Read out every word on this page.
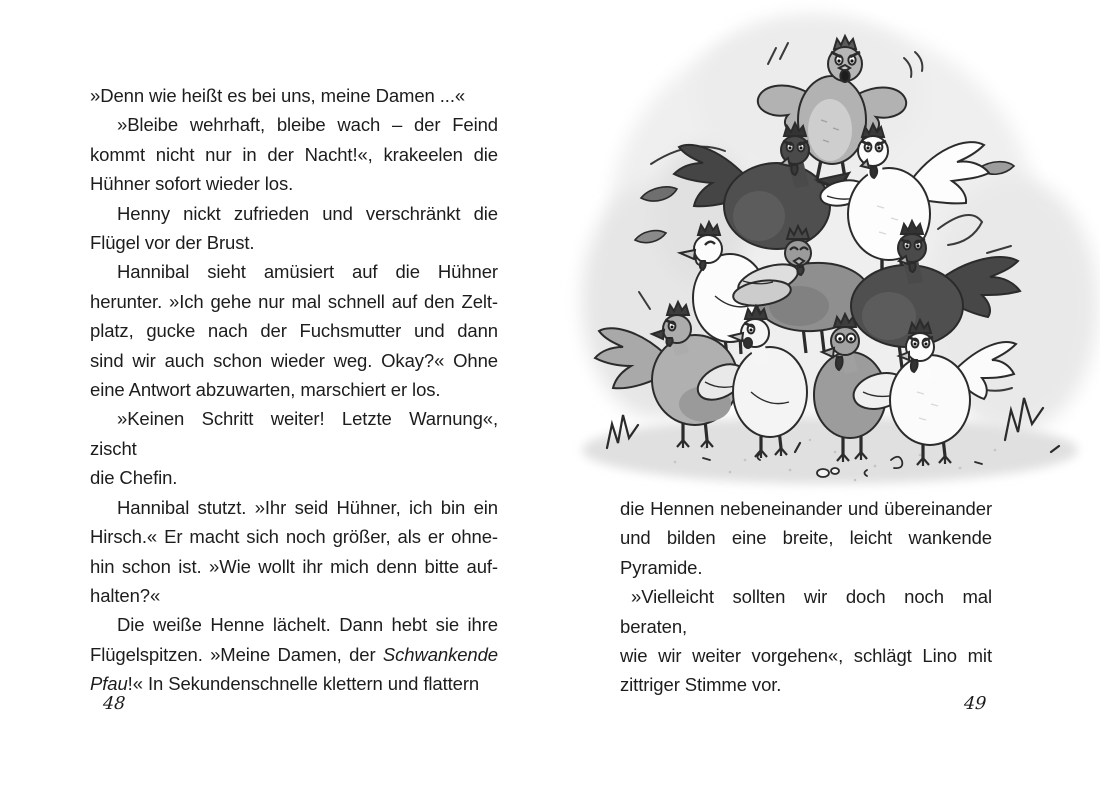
»Denn wie heißt es bei uns, meine Damen ...«
»Bleibe wehrhaft, bleibe wach – der Feind
kommt nicht nur in der Nacht!«, krakeelen die
Hühner sofort wieder los.
Henny nickt zufrieden und verschränkt die
Flügel vor der Brust.
Hannibal sieht amüsiert auf die Hühner
herunter. »Ich gehe nur mal schnell auf den Zelt-
platz, gucke nach der Fuchsmutter und dann
sind wir auch schon wieder weg. Okay?« Ohne
eine Antwort abzuwarten, marschiert er los.
»Keinen Schritt weiter! Letzte Warnung«, zischt
die Chefin.
Hannibal stutzt. »Ihr seid Hühner, ich bin ein
Hirsch.« Er macht sich noch größer, als er ohne-
hin schon ist. »Wie wollt ihr mich denn bitte auf-
halten?«
Die weiße Henne lächelt. Dann hebt sie ihre
Flügelspitzen. »Meine Damen, der Schwankende
Pfau!« In Sekundenschnelle klettern und flattern
die Hennen nebeneinander und übereinander
und bilden eine breite, leicht wankende
Pyramide.
»Vielleicht sollten wir doch noch mal beraten,
wie wir weiter vorgehen«, schlägt Lino mit
zittriger Stimme vor.
48	49
